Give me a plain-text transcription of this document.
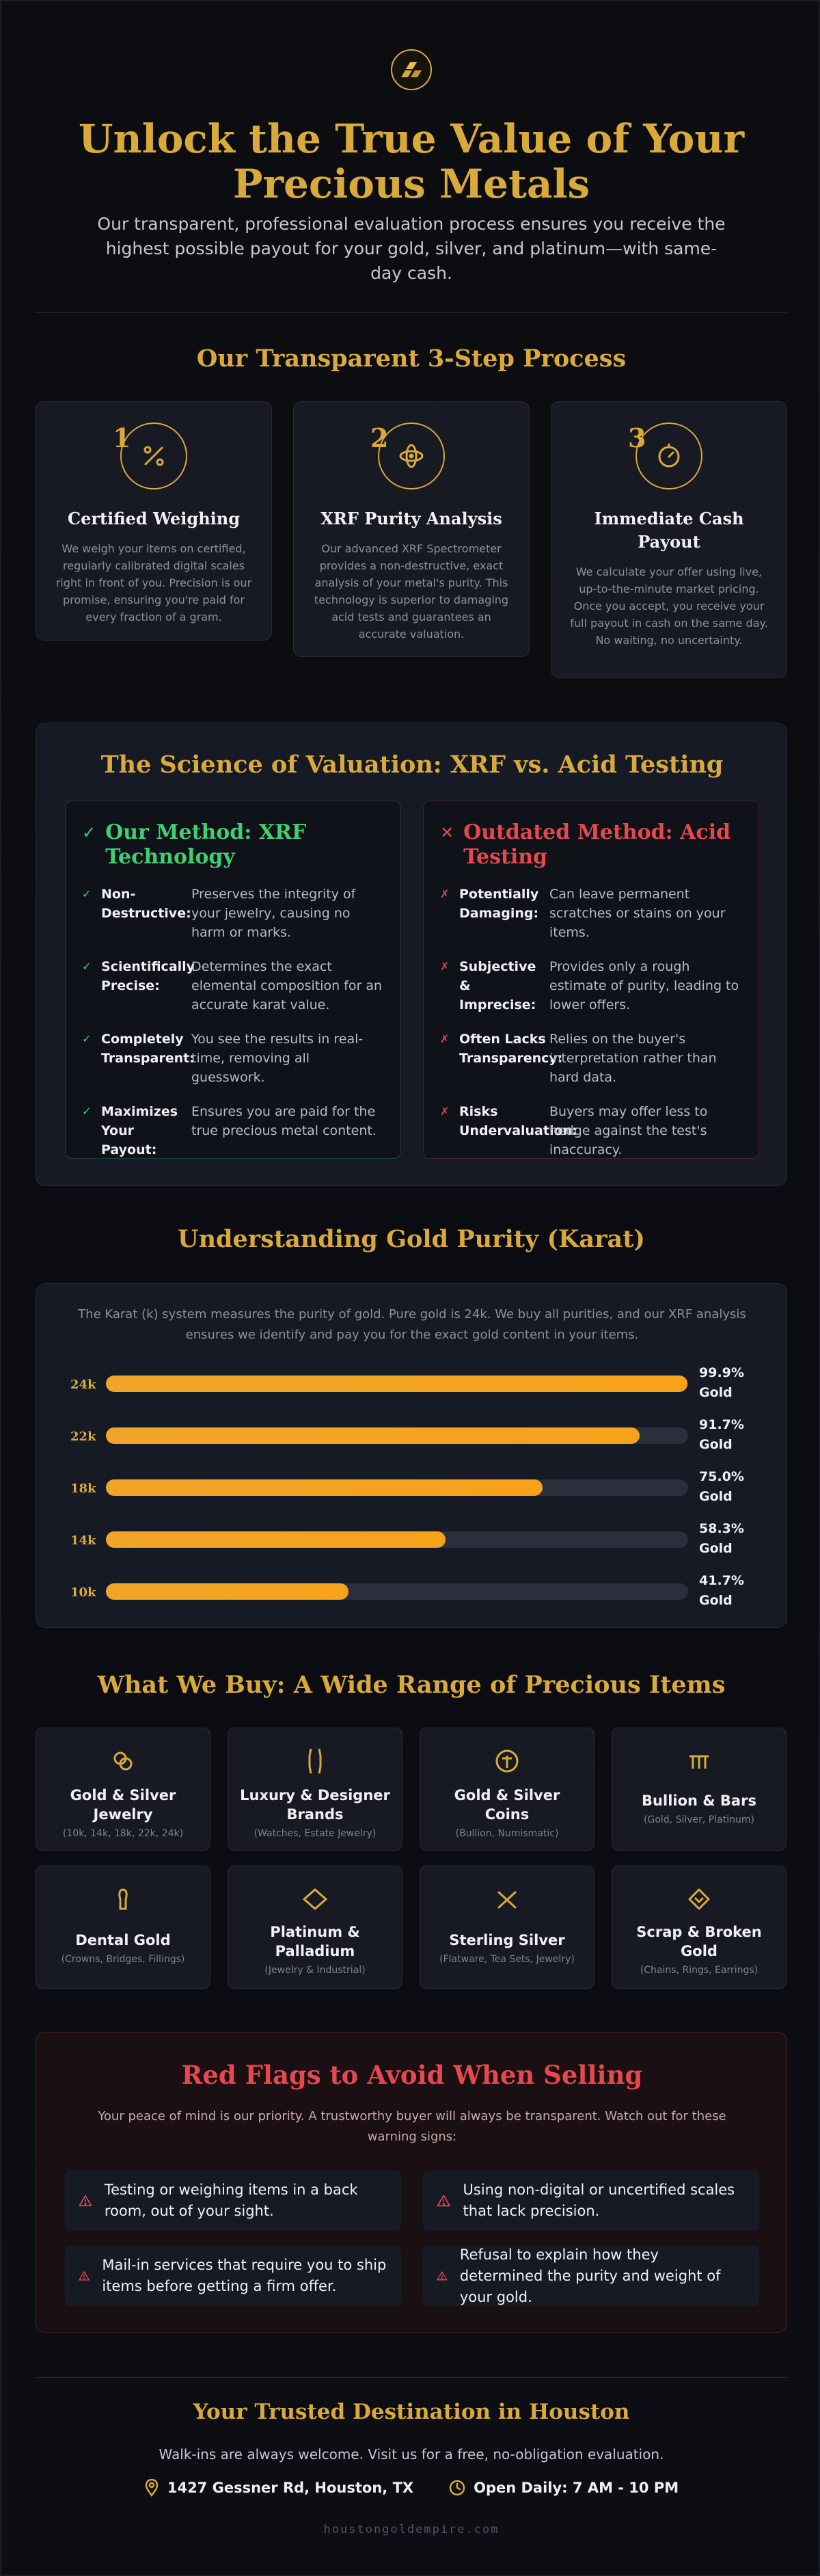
Unlock the True Value of Your Precious Metals

Our transparent, professional evaluation process ensures you receive the highest possible payout for your gold, silver, and platinum—with same-day cash.

Our Transparent 3-Step Process
1
Certified Weighing
We weigh your items on certified, regularly calibrated digital scales right in front of you. Precision is our promise, ensuring you're paid for every fraction of a gram.
2
XRF Purity Analysis
Our advanced XRF Spectrometer provides a non-destructive, exact analysis of your metal's purity. This technology is superior to damaging acid tests and guarantees an accurate valuation.
3
Immediate Cash Payout
We calculate your offer using live, up-to-the-minute market pricing. Once you accept, you receive your full payout in cash on the same day. No waiting, no uncertainty.
The Science of Valuation: XRF vs. Acid Testing
✓ Our Method: XRF Technology
✓ Non-Destructive:
Preserves the integrity of your jewelry, causing no harm or marks.
✓ Scientifically Precise:
Determines the exact elemental composition for an accurate karat value.
✓ Completely Transparent:
You see the results in real-time, removing all guesswork.
✓ Maximizes Your Payout:
Ensures you are paid for the true precious metal content.
✕ Outdated Method: Acid Testing
✗ Potentially Damaging:
Can leave permanent scratches or stains on your items.
✗ Subjective & Imprecise:
Provides only a rough estimate of purity, leading to lower offers.
✗ Often Lacks Transparency:
Relies on the buyer's interpretation rather than hard data.
✗ Risks Undervaluation:
Buyers may offer less to hedge against the test's inaccuracy.
Understanding Gold Purity (Karat)

The Karat (k) system measures the purity of gold. Pure gold is 24k. We buy all purities, and our XRF analysis ensures we identify and pay you for the exact gold content in your items.

24k
99.9%
Gold
22k
91.7%
Gold
18k
75.0%
Gold
14k
58.3%
Gold
10k
41.7%
Gold
What We Buy: A Wide Range of Precious Items
Gold & Silver Jewelry
(10k, 14k, 18k, 22k, 24k)
Luxury & Designer Brands
(Watches, Estate Jewelry)
Gold & Silver Coins
(Bullion, Numismatic)
Bullion & Bars
(Gold, Silver, Platinum)
Dental Gold
(Crowns, Bridges, Fillings)
Platinum & Palladium
(Jewelry & Industrial)
Sterling Silver
(Flatware, Tea Sets, Jewelry)
Scrap & Broken Gold
(Chains, Rings, Earrings)
Red Flags to Avoid When Selling

Your peace of mind is our priority. A trustworthy buyer will always be transparent. Watch out for these warning signs:

Testing or weighing items in a back room, out of your sight.
Using non-digital or uncertified scales that lack precision.
Mail-in services that require you to ship items before getting a firm offer.
Refusal to explain how they determined the purity and weight of your gold.
Your Trusted Destination in Houston

Walk-ins are always welcome. Visit us for a free, no-obligation evaluation.

1427 Gessner Rd, Houston, TX	Open Daily: 7 AM - 10 PM
houstongoldempire.com
